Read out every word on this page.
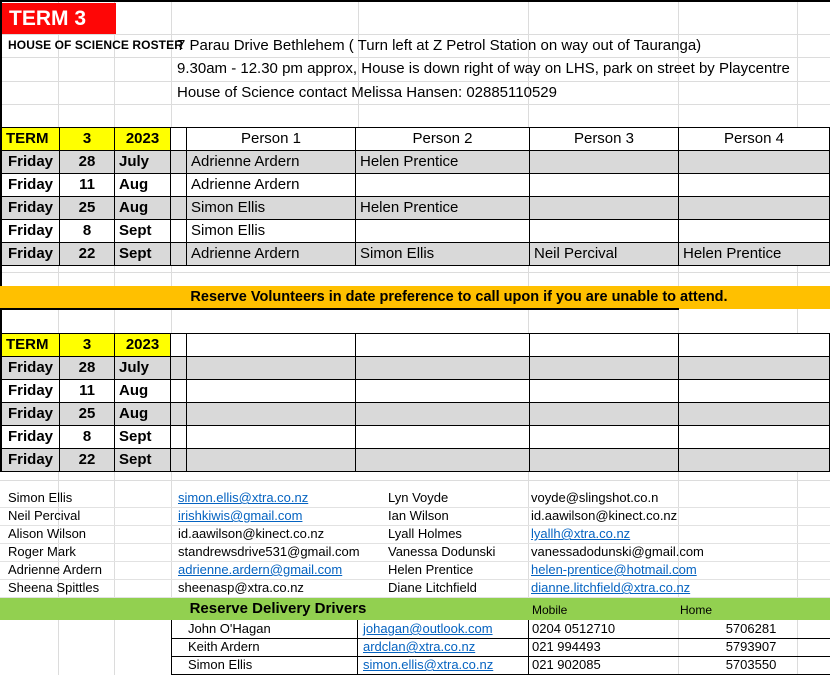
TERM 3
HOUSE OF SCIENCE ROSTER
7 Parau Drive Bethlehem ( Turn left at Z Petrol Station on way out of Tauranga)
9.30am - 12.30 pm approx, House is down right of way on LHS, park on street by Playcentre
House of Science contact Melissa Hansen: 02885110529
TERM	3	2023	Person 1	Person 2	Person 3	Person 4
Friday	28	July	Adrienne Ardern	Helen Prentice
Friday	11	Aug	Adrienne Ardern
Friday	25	Aug	Simon Ellis	Helen Prentice
Friday	8	Sept	Simon Ellis
Friday	22	Sept	Adrienne Ardern	Simon Ellis	Neil Percival	Helen Prentice
Reserve Volunteers in date preference to call upon if you are unable to attend.
TERM	3	2023
Friday	28	July
Friday	11	Aug
Friday	25	Aug
Friday	8	Sept
Friday	22	Sept
Simon Ellis	simon.ellis@xtra.co.nz	Lyn Voyde	voyde@slingshot.co.n
Neil Percival	irishkiwis@gmail.com	Ian Wilson	id.aawilson@kinect.co.nz
Alison Wilson	id.aawilson@kinect.co.nz	Lyall Holmes	lyallh@xtra.co.nz
Roger Mark	standrewsdrive531@gmail.com Vanessa Dodunski	vanessadodunski@gmail.com
Adrienne Ardern	adrienne.ardern@gmail.com	Helen Prentice	helen-prentice@hotmail.com
Sheena Spittles	sheenasp@xtra.co.nz	Diane Litchfield	dianne.litchfield@xtra.co.nz
Reserve Delivery Drivers	Mobile	Home
John O'Hagan	johagan@outlook.com	0204 0512710	5706281
Keith Ardern	ardclan@xtra.co.nz	021 994493	5793907
Simon Ellis	simon.ellis@xtra.co.nz	021 902085	5703550
